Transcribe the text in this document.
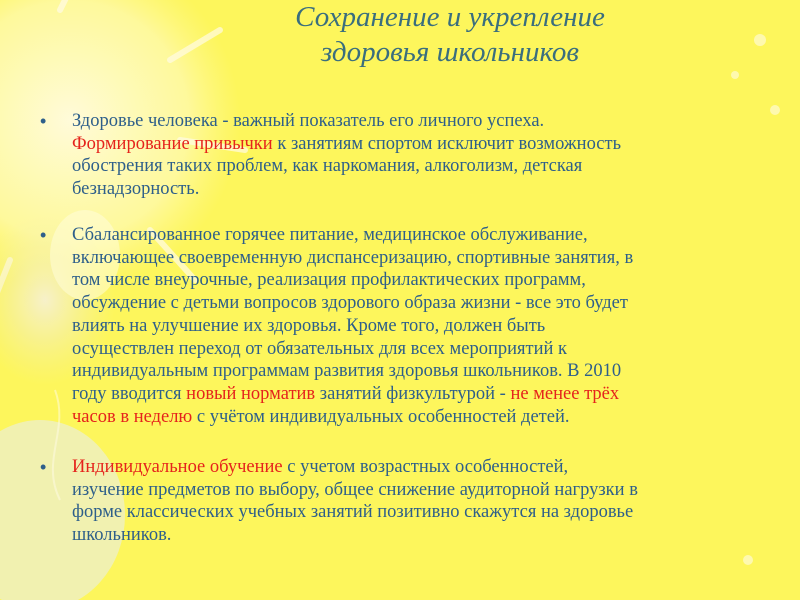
Сохранение и укрепление
здоровья школьников
• Здоровье человека - важный показатель его личного успеха.
Формирование привычки к занятиям спортом исключит возможность
обострения таких проблем, как наркомания, алкоголизм, детская
безнадзорность.
• Сбалансированное горячее питание, медицинское обслуживание,
включающее своевременную диспансеризацию, спортивные занятия, в
том числе внеурочные, реализация профилактических программ,
обсуждение с детьми вопросов здорового образа жизни - все это будет
влиять на улучшение их здоровья. Кроме того, должен быть
осуществлен переход от обязательных для всех мероприятий к
индивидуальным программам развития здоровья школьников. В 2010
году вводится новый норматив занятий физкультурой - не менее трёх
часов в неделю с учётом индивидуальных особенностей детей.
• Индивидуальное обучение с учетом возрастных особенностей,
изучение предметов по выбору, общее снижение аудиторной нагрузки в
форме классических учебных занятий позитивно скажутся на здоровье
школьников.
